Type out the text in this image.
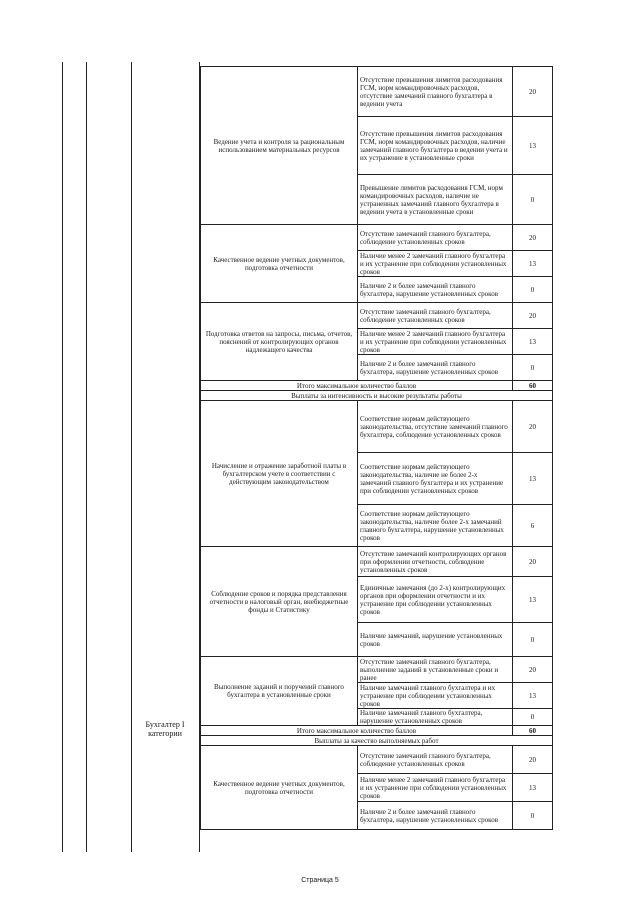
Бухгалтер I категории
Ведение учета и контроля за рациональным использованием материальных ресурсов	Отсутствие превышения лимитов расходования ГСМ, норм командировочных расходов, отсутствие замечаний главного бухгалтера в ведении учета	20
	Отсутствие превышения лимитов расходования ГСМ, норм командировочных расходов, наличие замечаний главного бухгалтера в ведении учета и их устранение в установленные сроки	13
	Превышение лимитов расходования ГСМ, норм командировочных расходов, наличие не устраненных замечаний главного бухгалтера в ведении учета в установленные сроки	0
Качественное ведение учетных документов, подготовка отчетности	Отсутствие замечаний главного бухгалтера, соблюдение установленных сроков	20
	Наличие менее 2 замечаний главного бухгалтера и их устранение при соблюдении установленных сроков	13
	Наличие 2 и более замечаний главного бухгалтера, нарушение установленных сроков	0
Подготовка ответов на запросы, письма, отчетов, пояснений от контролирующих органов надлежащего качества	Отсутствие замечаний главного бухгалтера, соблюдение установленных сроков	20
	Наличие менее 2 замечаний главного бухгалтера и их устранение при соблюдении установленных сроков	13
	Наличие 2 и более замечаний главного бухгалтера, нарушение установленных сроков	0
Итого максимальное количество баллов		60
Выплаты за интенсивность и высокие результаты работы		
Начисление и отражение заработной платы в бухгалтерском учете в соответствии с действующим законодательством	Соответствие нормам действующего законодательства, отсутствие замечаний главного бухгалтера, соблюдение установленных сроков	20
	Соответствие нормам действующего законодательства, наличие не более 2-х замечаний главного бухгалтера и их устранение при соблюдении установленных сроков	13
	Соответствие нормам действующего законодательства, наличие более 2-х замечаний главного бухгалтера, нарушение установленных сроков	6
Соблюдение сроков и порядка представления отчетности в налоговый орган, внебюджетные фонды и Статистику	Отсутствие замечаний контролирующих органов при оформлении отчетности, соблюдение установленных сроков	20
	Единичные замечания (до 2-х) контролирующих органов при оформлении отчетности и их устранение при соблюдении установленных сроков	13
	Наличие замечаний, нарушение установленных сроков	0
Выполнение заданий и поручений главного бухгалтера в установленные сроки	Отсутствие замечаний главного бухгалтера, выполнение заданий в установленные сроки и ранее	20
	Наличие замечаний главного бухгалтера и их устранение при соблюдении установленных сроков	13
	Наличие замечаний главного бухгалтера, нарушение установленных сроков	0
Итого максимальное количество баллов		60
Выплаты за качество выполняемых работ		
Качественное ведение учетных документов, подготовка отчетности	Отсутствие замечаний главного бухгалтера, соблюдение установленных сроков	20
	Наличие менее 2 замечаний главного бухгалтера и их устранение при соблюдении установленных сроков	13
	Наличие 2 и более замечаний главного бухгалтера, нарушение установленных сроков	0
Страница 5
